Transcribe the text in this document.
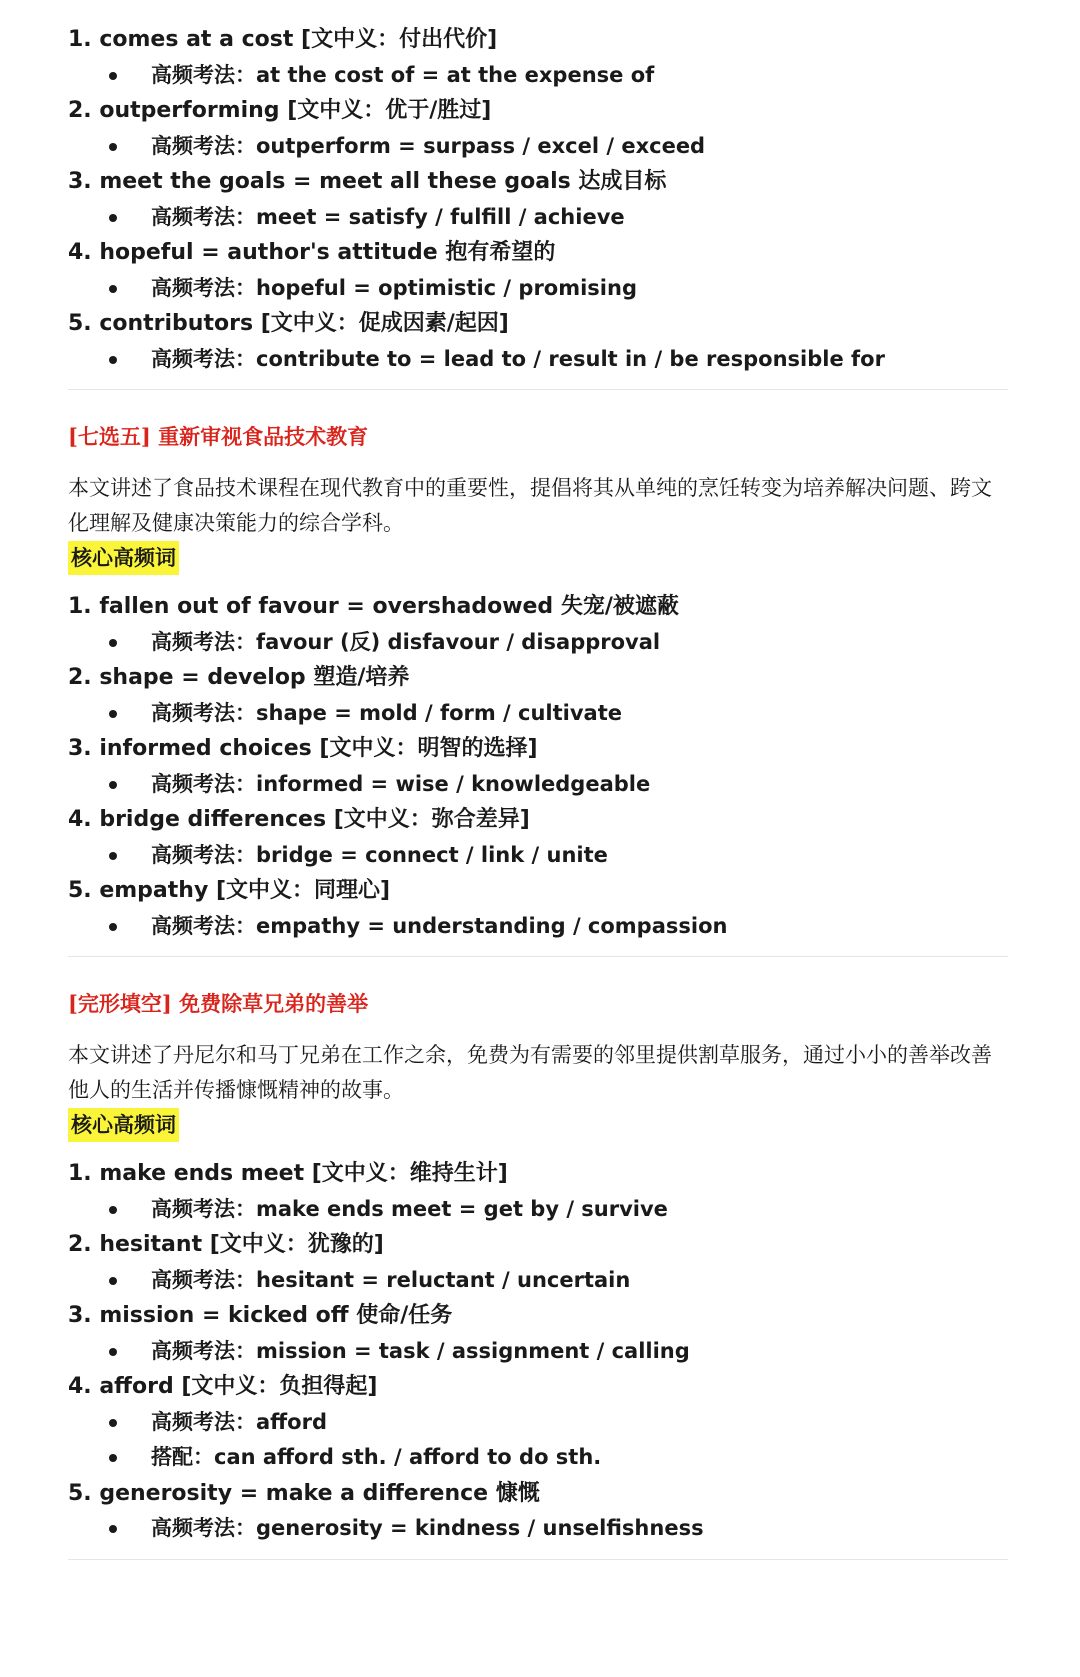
1. comes at a cost [文中义：付出代价]
高频考法：at the cost of = at the expense of
2. outperforming [文中义：优于/胜过]
高频考法：outperform = surpass / excel / exceed
3. meet the goals = meet all these goals 达成目标
高频考法：meet = satisfy / fulfill / achieve
4. hopeful = author's attitude 抱有希望的
高频考法：hopeful = optimistic / promising
5. contributors [文中义：促成因素/起因]
高频考法：contribute to = lead to / result in / be responsible for
[七选五] 重新审视食品技术教育
本文讲述了食品技术课程在现代教育中的重要性，提倡将其从单纯的烹饪转变为培养解决问题、跨文化理解及健康决策能力的综合学科。
核心高频词
1. fallen out of favour = overshadowed 失宠/被遮蔽
高频考法：favour (反) disfavour / disapproval
2. shape = develop 塑造/培养
高频考法：shape = mold / form / cultivate
3. informed choices [文中义：明智的选择]
高频考法：informed = wise / knowledgeable
4. bridge differences [文中义：弥合差异]
高频考法：bridge = connect / link / unite
5. empathy [文中义：同理心]
高频考法：empathy = understanding / compassion
[完形填空] 免费除草兄弟的善举
本文讲述了丹尼尔和马丁兄弟在工作之余，免费为有需要的邻里提供割草服务，通过小小的善举改善他人的生活并传播慷慨精神的故事。
核心高频词
1. make ends meet [文中义：维持生计]
高频考法：make ends meet = get by / survive
2. hesitant [文中义：犹豫的]
高频考法：hesitant = reluctant / uncertain
3. mission = kicked off 使命/任务
高频考法：mission = task / assignment / calling
4. afford [文中义：负担得起]
高频考法：afford
搭配：can afford sth. / afford to do sth.
5. generosity = make a difference 慷慨
高频考法：generosity = kindness / unselfishness
